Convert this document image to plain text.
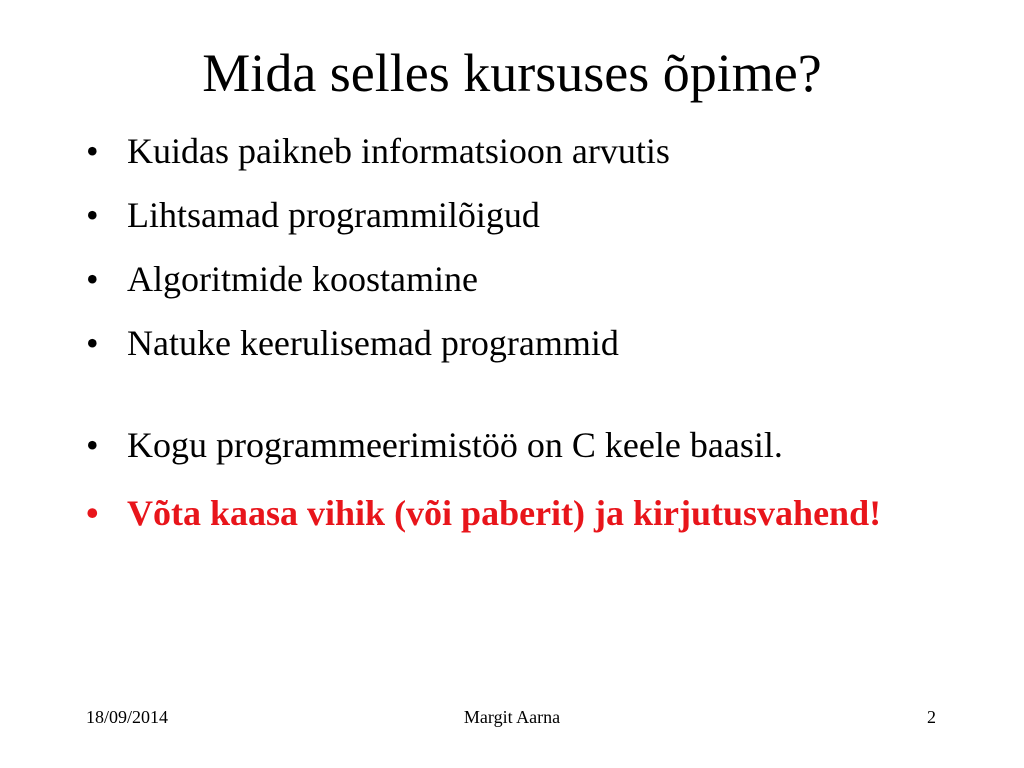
Mida selles kursuses õpime?
• Kuidas paikneb informatsioon arvutis
• Lihtsamad programmilõigud
• Algoritmide koostamine
• Natuke keerulisemad programmid
• Kogu programmeerimistöö on C keele baasil.
• Võta kaasa vihik (või paberit) ja kirjutusvahend!
18/09/2014	Margit Aarna	2
